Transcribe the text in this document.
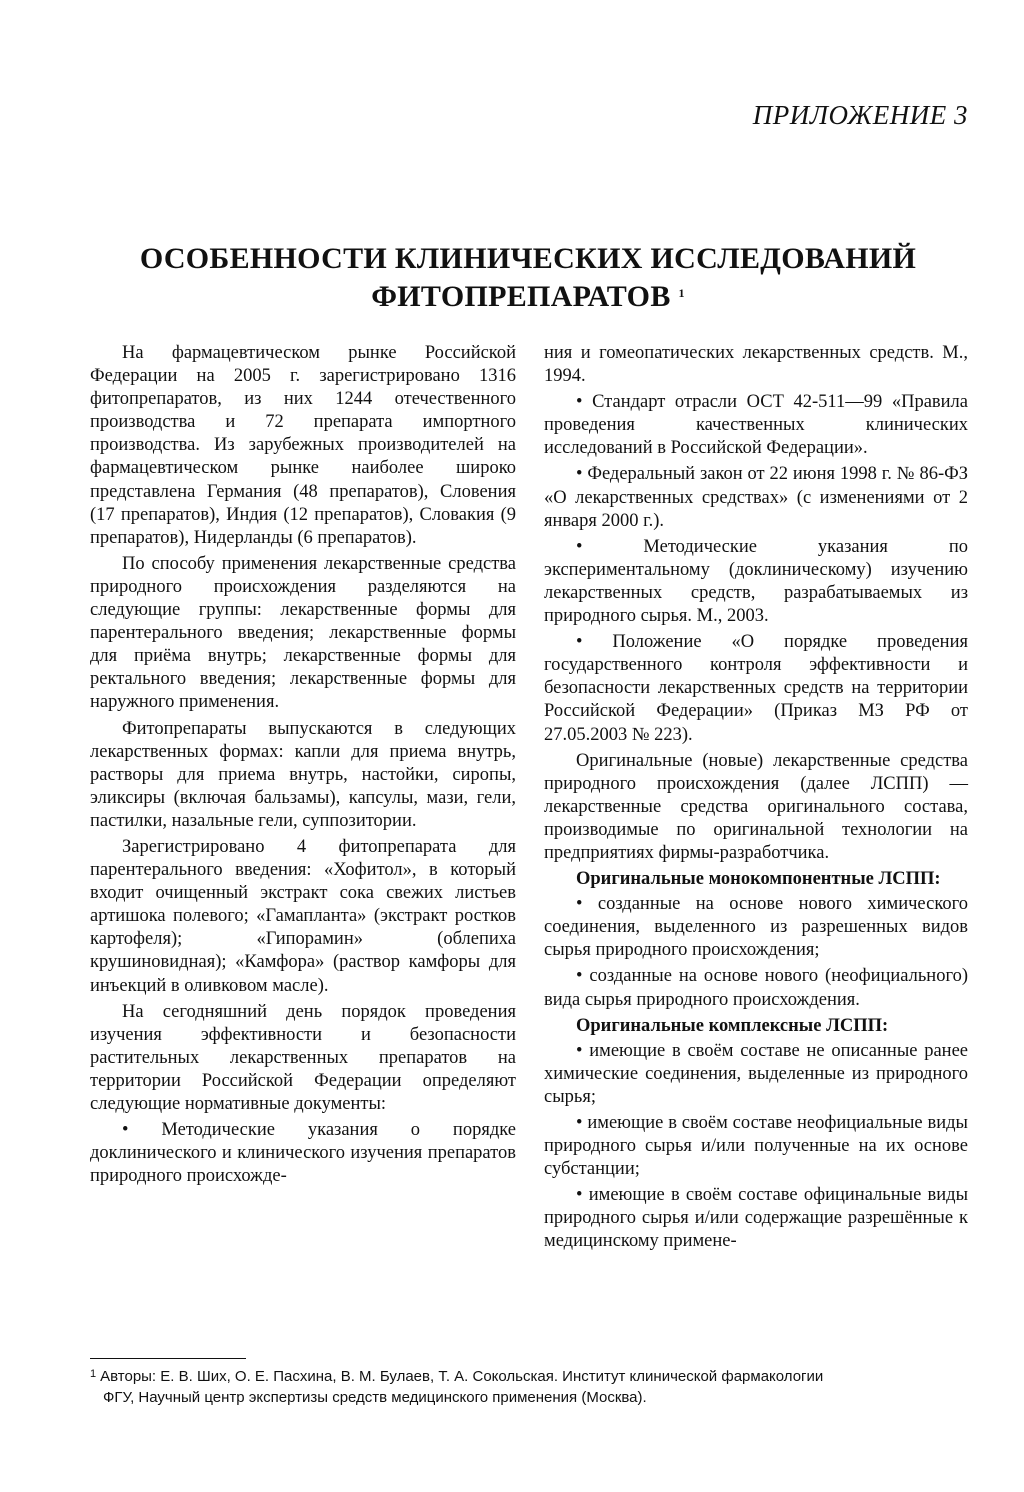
ПРИЛОЖЕНИЕ 3
ОСОБЕННОСТИ КЛИНИЧЕСКИХ ИССЛЕДОВАНИЙ
ФИТОПРЕПАРАТОВ $^1$

На фармацевтическом рынке Российской Федерации на 2005 г. зарегистрировано 1316 фитопрепаратов, из них 1244 отечественного производства и 72 препарата импортного производства. Из зарубежных производителей на фармацевтическом рынке наиболее широко представлена Германия (48 препаратов), Словения (17 препаратов), Индия (12 препаратов), Словакия (9 препаратов), Нидерланды (6 препаратов).

По способу применения лекарственные средства природного происхождения разделяются на следующие группы: лекарственные формы для парентерального введения; лекарственные формы для приёма внутрь; лекарственные формы для ректального введения; лекарственные формы для наружного применения.

Фитопрепараты выпускаются в следующих лекарственных формах: капли для приема внутрь, растворы для приема внутрь, настойки, сиропы, эликсиры (включая бальзамы), капсулы, мази, гели, пастилки, назальные гели, суппозитории.

Зарегистрировано 4 фитопрепарата для парентерального введения: «Хофитол», в который входит очищенный экстракт сока свежих листьев артишока полевого; «Гамапланта» (экстракт ростков картофеля); «Гипорамин» (облепиха крушиновидная); «Камфора» (раствор камфоры для инъекций в оливковом масле).

На сегодняшний день порядок проведения изучения эффективности и безопасности растительных лекарственных препаратов на территории Российской Федерации определяют следующие нормативные документы:

• Методические указания о порядке доклинического и клинического изучения препаратов природного происхожде-

ния и гомеопатических лекарственных средств. М., 1994.

• Стандарт отрасли ОСТ 42-511—99 «Правила проведения качественных клинических исследований в Российской Федерации».

• Федеральный закон от 22 июня 1998 г. № 86-ФЗ «О лекарственных средствах» (с изменениями от 2 января 2000 г.).

• Методические указания по экспериментальному (доклиническому) изучению лекарственных средств, разрабатываемых из природного сырья. М., 2003.

• Положение «О порядке проведения государственного контроля эффективности и безопасности лекарственных средств на территории Российской Федерации» (Приказ МЗ РФ от 27.05.2003 № 223).

Оригинальные (новые) лекарственные средства природного происхождения (далее ЛСПП) — лекарственные средства оригинального состава, производимые по оригинальной технологии на предприятиях фирмы-разработчика.

Оригинальные монокомпонентные ЛСПП:

• созданные на основе нового химического соединения, выделенного из разрешенных видов сырья природного происхождения;

• созданные на основе нового (неофициального) вида сырья природного происхождения.

Оригинальные комплексные ЛСПП:

• имеющие в своём составе не описанные ранее химические соединения, выделенные из природного сырья;

• имеющие в своём составе неофициальные виды природного сырья и/или полученные на их основе субстанции;

• имеющие в своём составе официнальные виды природного сырья и/или содержащие разрешённые к медицинскому примене-

$^1$ Авторы: Е. В. Ших, О. Е. Пасхина, В. М. Булаев, Т. А. Сокольская. Институт клинической фармакологии
ФГУ, Научный центр экспертизы средств медицинского применения (Москва).
